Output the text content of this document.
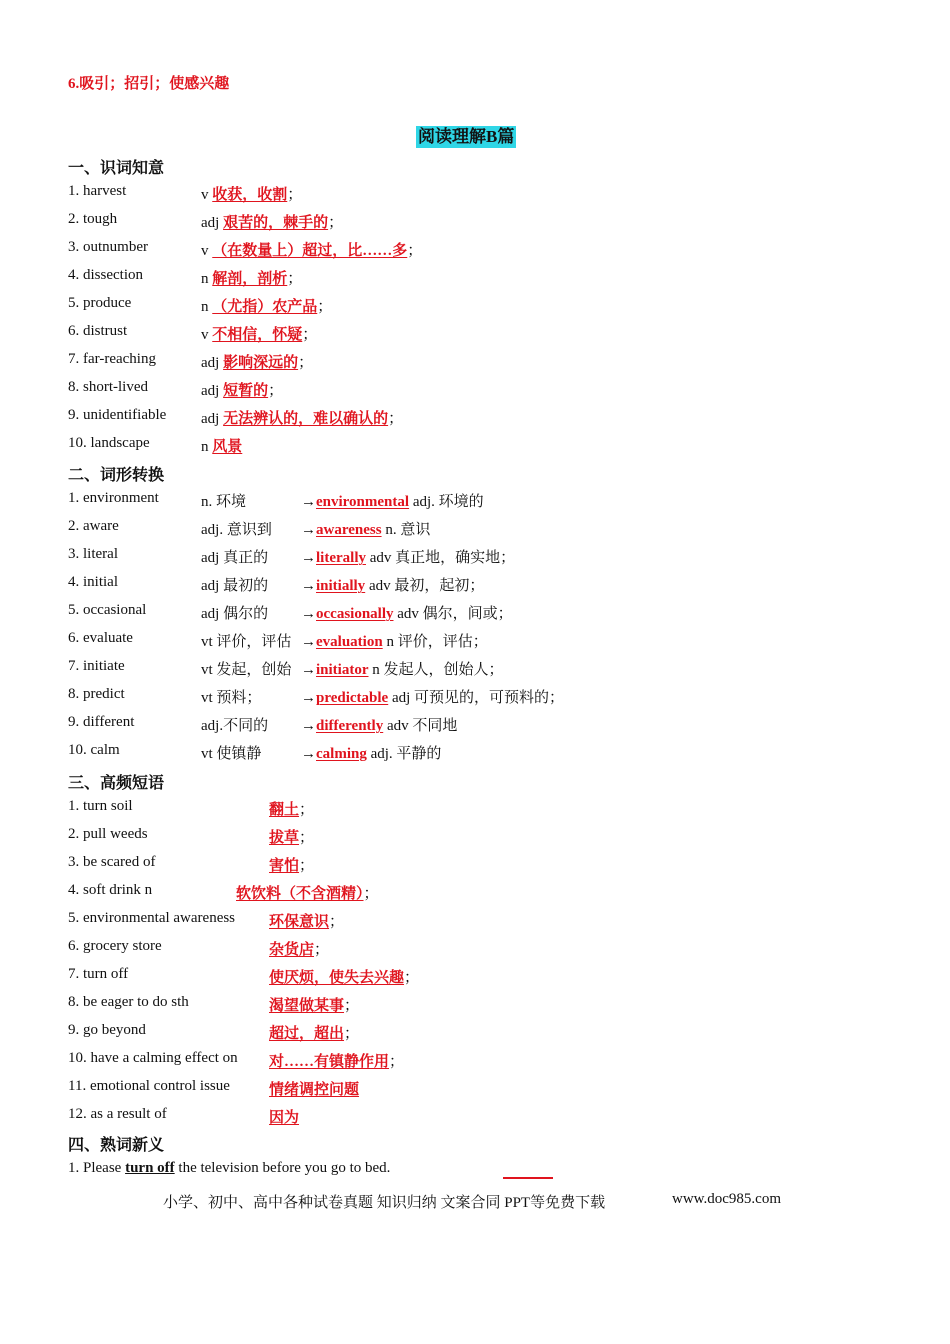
6.吸引；招引；使感兴趣
阅读理解B篇
一、识词知意
1. harvest	v 收获，收割；
2. tough	adj 艰苦的，棘手的；
3. outnumber	v （在数量上）超过，比……多；
4. dissection	n 解剖，剖析；
5. produce	n （尤指）农产品；
6. distrust	v 不相信，怀疑；
7. far-reaching	adj 影响深远的；
8. short-lived	adj 短暂的；
9. unidentifiable adj 无法辨认的，难以确认的；
10. landscape	n 风景
二、词形转换
1. environment	n. 环境	→environmental adj. 环境的
2. aware	adj. 意识到 →awareness n. 意识
3. literal	adj 真正的 →literally adv 真正地，确实地；
4. initial	adj 最初的 →initially adv 最初，起初；
5. occasional	adj 偶尔的 →occasionally adv 偶尔，间或；
6. evaluate	vt 评价，评估 →evaluation n 评价，评估；
7. initiate	vt 发起，创始 →initiator n 发起人，创始人；
8. predict	vt 预料；	→predictable adj 可预见的，可预料的；
9. different	adj.不同的 →differently adv 不同地
10. calm	vt 使镇静	→calming adj. 平静的
三、高频短语
1. turn soil	翻土；
2. pull weeds	拔草；
3. be scared of	害怕；
4. soft drink n	软饮料（不含酒精）；
5. environmental awareness 环保意识；
6. grocery store	杂货店；
7. turn off	使厌烦，使失去兴趣；
8. be eager to do sth	渴望做某事；
9. go beyond	超过，超出；
10. have a calming effect on 对……有镇静作用；
11. emotional control issue	情绪调控问题
12. as a result of	因为
四、熟词新义
1. Please turn off the television before you go to bed.
小学、初中、高中各种试卷真题 知识归纳 文案合同 PPT等免费下载	www.doc985.com
